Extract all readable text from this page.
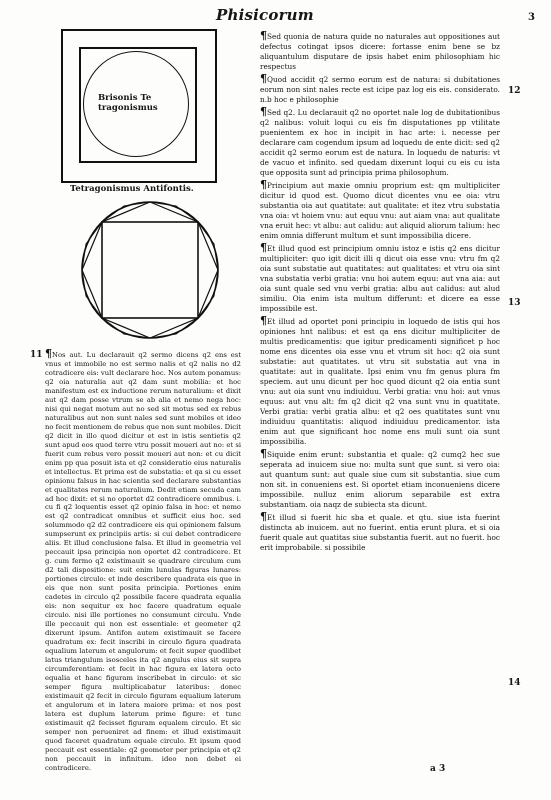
Phisicorum	3
Brisonis Te
tragonismus
Tetragonismus Antifontis.

¶Sed quonia de natura quide no naturales aut oppositiones aut defectus cotingat ipsos dicere: fortasse enim bene se bz aliquantulum disputare de ipsis habet enim philosophiam hic respectus

¶Quod accidit q2 sermo eorum est de natura: si dubitationes eorum non sint nales recte est icipe paz log eis eis. considerato. n.b hoc e philosophie

¶Sed q2. Lu declarauit q2 no oportet nale log de dubitationibus q2 nalibus: voluit loqui cu eis fm disputationes pp vtilitate puenientem ex hoc in incipit in hac arte: i. necesse per declarare cam cogendum ipsum ad loquedu de ente dicit: sed q2 accidit q2 sermo eorum est de natura. In loquedu de naturis: vt de vacuo et infinito. sed quedam dixerunt loqui cu eis cu ista que opposita sunt ad principia prima philosophum.

¶Principium aut maxie omniu proprium est: qm multipliciter dicitur id quod est. Quomo dicut dicentes vnu ee oia: vtru substantia oia aut quatitate: aut qualitate: et itez vtru substatia vna oia: vt hoiem vnu: aut equu vnu: aut aiam vna: aut qualitate vna eruit hec: vt albu: aut calidu: aut aliquid aliorum talium: hec enim omnia differunt multum et sunt impossibilia dicere.

¶Et illud quod est principium omniu istoz e istis q2 ens dicitur multipliciter: quo igit dicit illi q dicut oia esse vnu: vtru fm q2 oia sunt substatie aut quatitates: aut qualitates: et vtru oia sint vna substatia verbi gratia: vnu hoi autem equu: aut vna aia: aut oia sunt quale sed vnu verbi gratia: albu aut calidus: aut alud similiu. Oia enim ista multum differunt: et dicere ea esse impossibile est.

¶Et illud ad oportet poni principiu in loquedo de istis qui hos opiniones hnt nalibus: et est qa ens dicitur multipliciter de multis predicamentis: que igitur predicamenti significet p hoc nome ens dicentes oia esse vnu et vtrum sit hoc: q2 oia sunt substatie: aut quatitates. ut vtru sit substatia aut vna in quatitate: aut in qualitate. Ipsi enim vnu fm genus plura fm speciem. aut unu dicunt per hoc quod dicunt q2 oia entia sunt vnu: aut oia sunt vnu indiuiduu. Verbi gratia: vnu hoi: aut vnus equus: aut vnu alt: fm q2 dicit q2 vna sunt vnu in quatitate. Verbi gratia: verbi gratia albu: et q2 oes quatitates sunt vnu indiuiduu quantitatis: aliquod indiuiduu predicamentor. ista enim aut que significant hoc nome ens muli sunt oia sunt impossibilia.

¶Siquide enim erunt: substantia et quale: q2 cumq2 hec sue seperata ad inuicem siue no: multa sunt que sunt. si vero oia: aut quantum sunt: aut quale siue cum sit substantia. siue cum non sit. in conueniens est. Si oportet etiam inconueniens dicere impossibile. nulluz enim aliorum separabile est extra substantiam. oia naqz de subiecta sta dicunt.

¶Et illud si fuerit hic sba et quale. et qtu. siue ista fuerint distincta ab inuicem. aut no fuerint. entia erunt plura. et si oia fuerit quale aut quatitas siue substantia fuerit. aut no fuerit. hoc erit improbabile. si possibile

¶Nos aut. Lu declarauit q2 sermo dicens q2 ens est vnus et immobile no est sermo nalis et q2 nalis no d2 cotradicere eis: vult declarare hoc. Nos autem ponamus: q2 oia naturalia aut q2 dam sunt mobilia: et hoc manifestum est ex inductione rerum naturalium: et dixit aut q2 dam posse vtrum se ab alia et nemo nega hoc: nisi qui negat motum aut no sed sit motus sed ex rebus naturalibus aut non sunt nales sed sunt mobiles et ideo no fecit mentionem de rebus que non sunt mobiles. Dicit q2 dicit in illo quod dicitur et est in istis sentietis q2 sunt apud eos quod terre vtru possit moueri aut no: et si fuerit cum rebus vero possit moueri aut non: et cu dicit enim pp qua posuit ista et q2 consideratio eius naturalis et intellectus. Et prima est de substatia: et qa si cu esset opinionu falsus in hac scientia sed declarare substantias et qualitates rerum naturalium. Dedit etiam secuda cam ad hoc dixit: et si no oportet d2 contradicere omnibus. i. cu fi q2 loquentis esset q2 opinio falsa in hoc: et nemo est q2 contradicat omnibus et sufficit eius hoc. sed solummodo q2 d2 contradicere eis qui opinionem falsum sumpserunt ex principiis artis: si cui debet contradicere aliis. Et illud conclusione falsa. Et illud in geometria vel peccauit ipsa principia non oportet d2 contradicere. Et g. cum fermo q2 existimauit se quadrare circulum cum d2 tali dispositione: suit enim lunulas figuras lunares: portiones circulo: et inde describere quadrata eis que in eis que non sunt posita principia. Portiones enim cadetes in circulo q2 possibile facere quadrata equalia eis: non sequitur ex hoc facere quadratum equale circulo. nisi ille portiones no consumunt circulu. Vnde ille peccauit qui non est essentiale: et geometer q2 dixerunt ipsum. Antifon autem existimauit se facere quadratum ex: fecit inscribi in circulo figura quadrata equalium laterum et angulorum: et fecit super quodlibet latus triangulum isosceles ita q2 angulus eius sit supra circumferentiam: et fecit in hac figura ex latera octo equalia et hanc figuram inscribebat in circulo: et sic semper figura multiplicabatur lateribus: donec existimauit q2 fecit in circulo figuram equalium laterum et angulorum et in latera maiore prima: et nos post latera est duplum laterum prime figure: et tunc existimauit q2 fecisset figuram equalem circulo. Et sic semper non perueniret ad finem: et illud existimauit quod faceret quadratum equale circulo. Et ipsum quod peccauit est essentiale: q2 geometer per principia et q2 non peccauit in infinitum. ideo non debet ei contradicere.

12
13
11
14
a 3
